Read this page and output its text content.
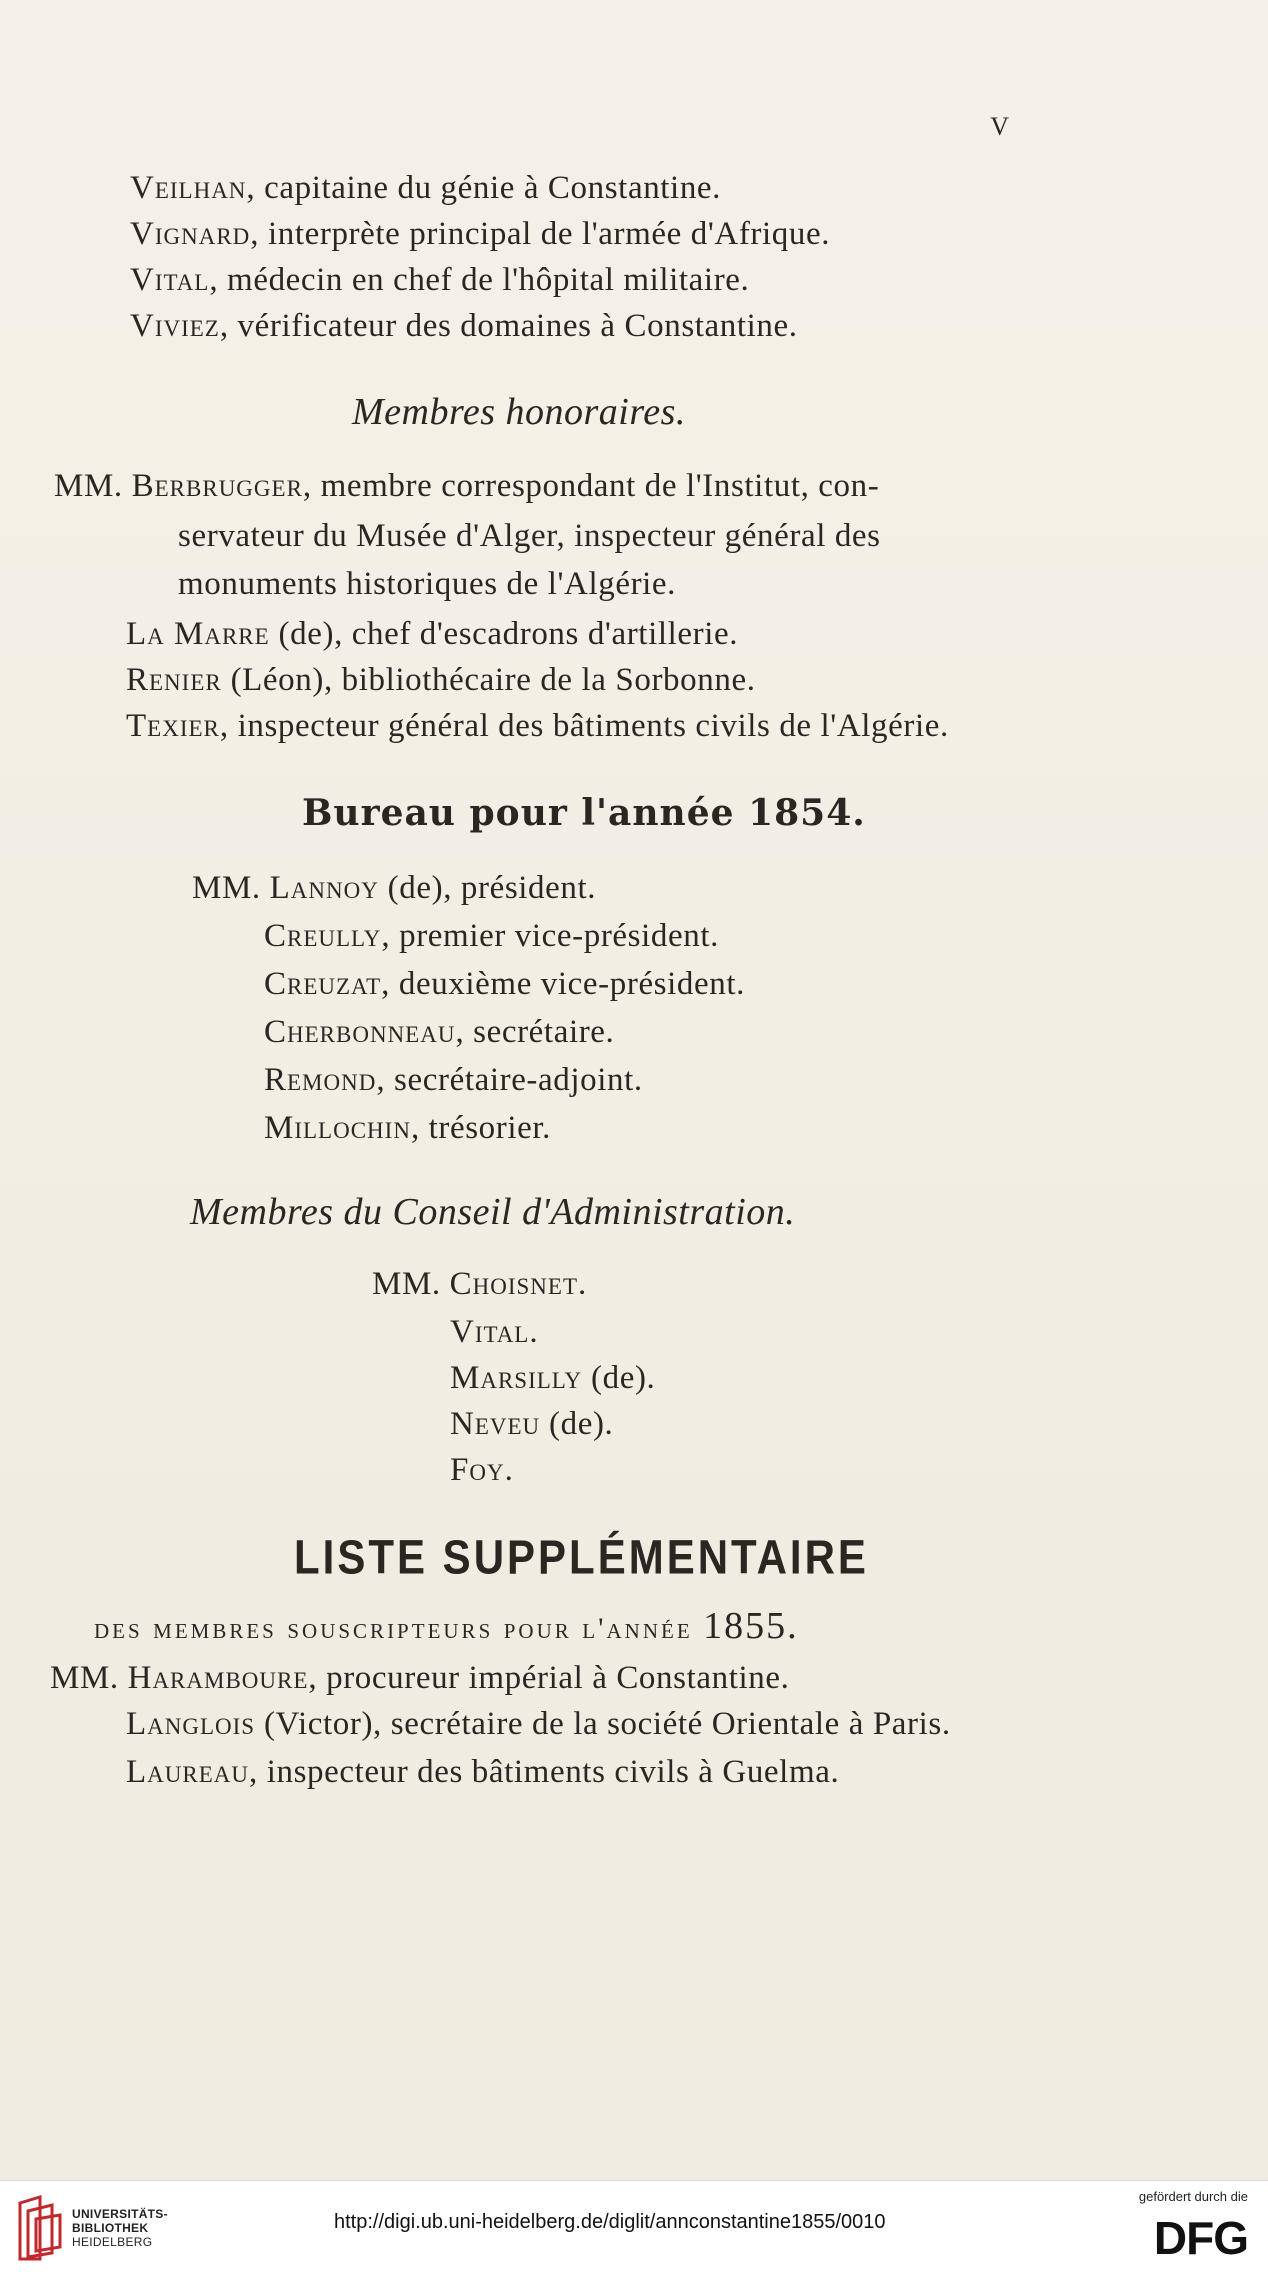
V
Veilhan, capitaine du génie à Constantine.
Vignard, interprète principal de l'armée d'Afrique.
Vital, médecin en chef de l'hôpital militaire.
Viviez, vérificateur des domaines à Constantine.
Membres honoraires.
MM. Berbrugger, membre correspondant de l'Institut, con-
servateur du Musée d'Alger, inspecteur général des
monuments historiques de l'Algérie.
La Marre (de), chef d'escadrons d'artillerie.
Renier (Léon), bibliothécaire de la Sorbonne.
Texier, inspecteur général des bâtiments civils de l'Algérie.
Bureau pour l'année 1854.
MM. Lannoy (de), président.
Creully, premier vice-président.
Creuzat, deuxième vice-président.
Cherbonneau, secrétaire.
Remond, secrétaire-adjoint.
Millochin, trésorier.
Membres du Conseil d'Administration.
MM. Choisnet.
Vital.
Marsilly (de).
Neveu (de).
Foy.
LISTE SUPPLÉMENTAIRE
des membres souscripteurs pour l'année 1855.
MM. Haramboure, procureur impérial à Constantine.
Langlois (Victor), secrétaire de la société Orientale à Paris.
Laureau, inspecteur des bâtiments civils à Guelma.
UNIVERSITÄTS-
BIBLIOTHEK
HEIDELBERG
http://digi.ub.uni-heidelberg.de/diglit/annconstantine1855/0010
gefördert durch die
DFG
